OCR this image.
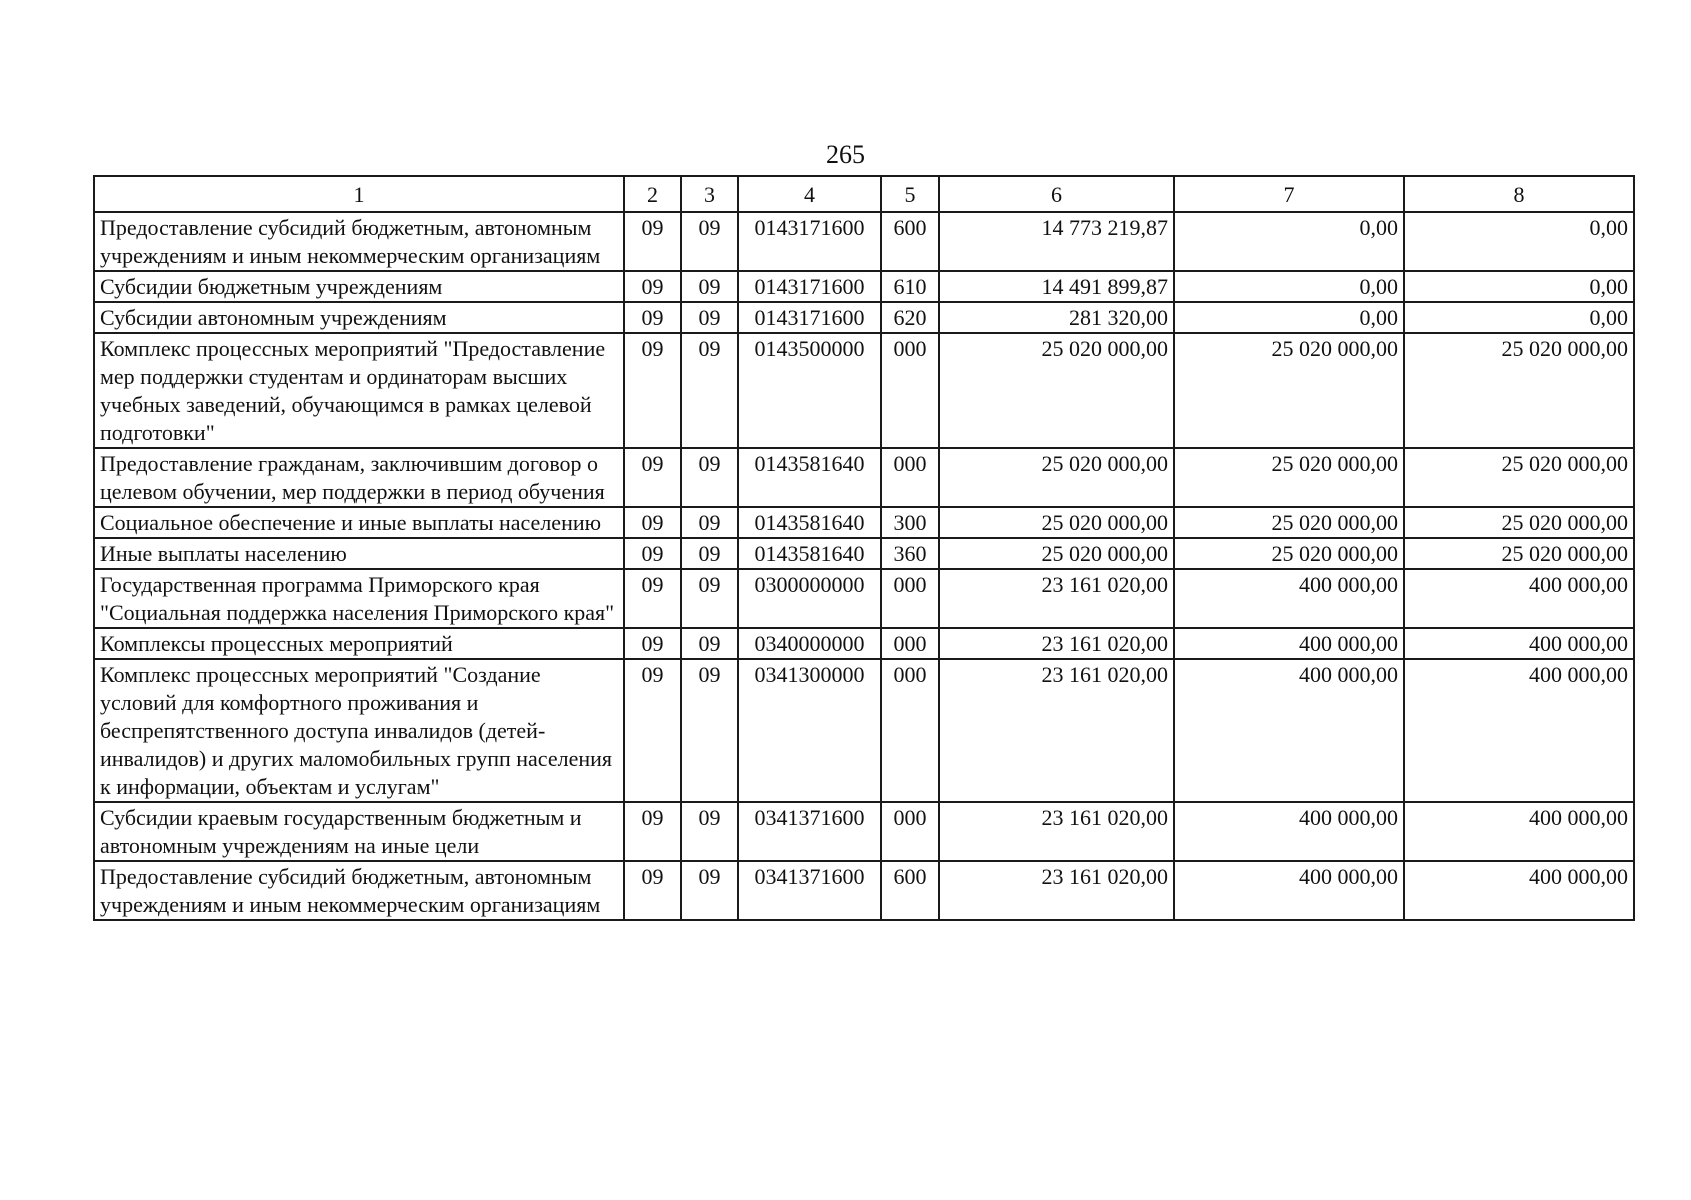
265
1	2	3	4	5	6	7	8
Предоставление субсидий бюджетным, автономным учреждениям и иным некоммерческим организациям	09	09	0143171600	600	14 773 219,87	0,00	0,00
Субсидии бюджетным учреждениям	09	09	0143171600	610	14 491 899,87	0,00	0,00
Субсидии автономным учреждениям	09	09	0143171600	620	281 320,00	0,00	0,00
Комплекс процессных мероприятий "Предоставление мер поддержки студентам и ординаторам высших учебных заведений, обучающимся в рамках целевой подготовки"	09	09	0143500000	000	25 020 000,00	25 020 000,00	25 020 000,00
Предоставление гражданам, заключившим договор о целевом обучении, мер поддержки в период обучения	09	09	0143581640	000	25 020 000,00	25 020 000,00	25 020 000,00
Социальное обеспечение и иные выплаты населению	09	09	0143581640	300	25 020 000,00	25 020 000,00	25 020 000,00
Иные выплаты населению	09	09	0143581640	360	25 020 000,00	25 020 000,00	25 020 000,00
Государственная программа Приморского края "Социальная поддержка населения Приморского края"	09	09	0300000000	000	23 161 020,00	400 000,00	400 000,00
Комплексы процессных мероприятий	09	09	0340000000	000	23 161 020,00	400 000,00	400 000,00
Комплекс процессных мероприятий "Создание условий для комфортного проживания и беспрепятственного доступа инвалидов (детей-инвалидов) и других маломобильных групп населения к информации, объектам и услугам"	09	09	0341300000	000	23 161 020,00	400 000,00	400 000,00
Субсидии краевым государственным бюджетным и автономным учреждениям на иные цели	09	09	0341371600	000	23 161 020,00	400 000,00	400 000,00
Предоставление субсидий бюджетным, автономным учреждениям и иным некоммерческим организациям	09	09	0341371600	600	23 161 020,00	400 000,00	400 000,00
